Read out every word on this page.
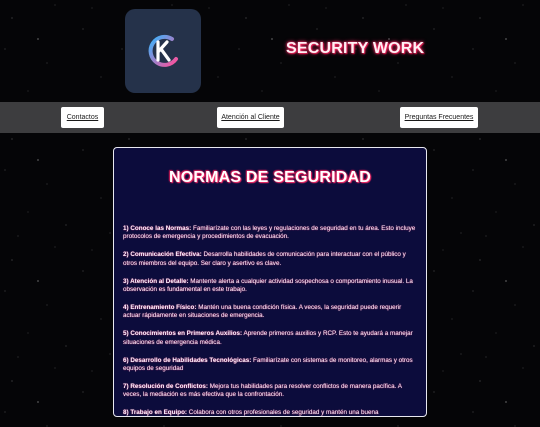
SECURITY WORK
Contactos	Atención al Cliente	Preguntas Frecuentes
NORMAS DE SEGURIDAD

1) Conoce las Normas: Familiarízate con las leyes y regulaciones de seguridad en tu área. Esto incluye protocolos de emergencia y procedimientos de evacuación.

2) Comunicación Efectiva: Desarrolla habilidades de comunicación para interactuar con el público y otros miembros del equipo. Ser claro y asertivo es clave.

3) Atención al Detalle: Mantente alerta a cualquier actividad sospechosa o comportamiento inusual. La observación es fundamental en este trabajo.

4) Entrenamiento Físico: Mantén una buena condición física. A veces, la seguridad puede requerir actuar rápidamente en situaciones de emergencia.

5) Conocimientos en Primeros Auxilios: Aprende primeros auxilios y RCP. Esto te ayudará a manejar situaciones de emergencia médica.

6) Desarrollo de Habilidades Tecnológicas: Familiarízate con sistemas de monitoreo, alarmas y otros equipos de seguridad

7) Resolución de Conflictos: Mejora tus habilidades para resolver conflictos de manera pacífica. A veces, la mediación es más efectiva que la confrontación.

8) Trabajo en Equipo: Colabora con otros profesionales de seguridad y mantén una buena
